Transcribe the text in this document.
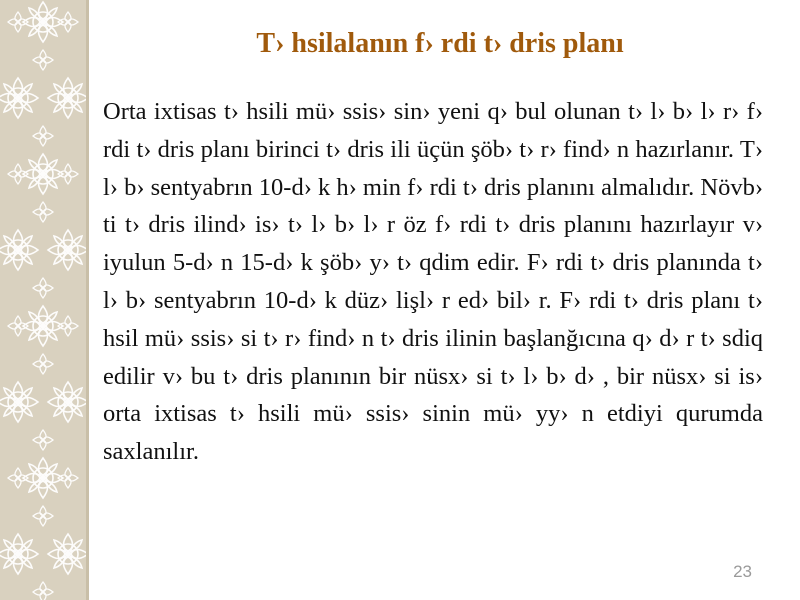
T› hsilalanın f› rdi t› dris planı

Orta ixtisas t› hsili mü› ssis› sin› yeni q› bul olunan t› l› b› l› r› f› rdi t› dris planı birinci t› dris ili üçün şöb› t› r› find› n hazırlanır. T› l› b› sentyabrın 10-d› k h› min f› rdi t› dris planını almalıdır. Növb› ti t› dris ilind› is› t› l› b› l› r öz f› rdi t› dris planını hazırlayır v› iyulun 5-d› n 15-d› k şöb› y› t› qdim edir. F› rdi t› dris planında t› l› b› sentyabrın 10-d› k düz› lişl› r ed› bil› r. F› rdi t› dris planı t› hsil mü› ssis› si t› r› find› n t› dris ilinin başlanğıcına q› d› r t› sdiq edilir v› bu t› dris planının bir nüsx› si t› l› b› d› , bir nüsx› si is› orta ixtisas t› hsili mü› ssis› sinin mü› yy› n etdiyi qurumda saxlanılır.

23
